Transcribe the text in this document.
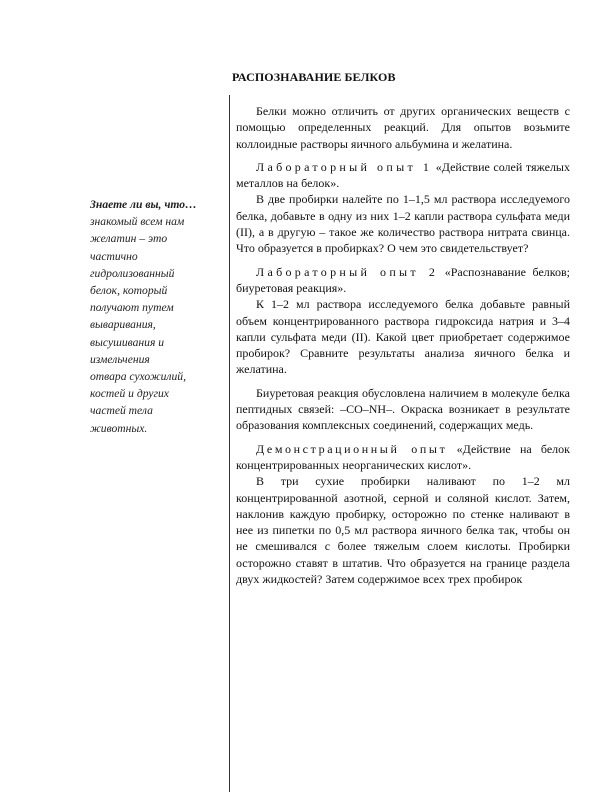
РАСПОЗНАВАНИЕ БЕЛКОВ
Знаете ли вы, что…
знакомый всем нам
желатин – это
частично
гидролизованный
белок, который
получают путем
вываривания,
высушивания и
измельчения
отвара сухожилий,
костей и других
частей тела
животных.

Белки можно отличить от других органических веществ с помощью определенных реакций. Для опытов возьмите коллоидные растворы яичного альбумина и желатина.

Лабораторный опыт 1 «Действие солей тяжелых металлов на белок».

В две пробирки налейте по 1–1,5 мл раствора исследуемого белка, добавьте в одну из них 1–2 капли раствора сульфата меди (II), а в другую – такое же количество раствора нитрата свинца. Что образуется в пробирках? О чем это свидетельствует?

Лабораторный опыт 2 «Распознавание белков; биуретовая реакция».

К 1–2 мл раствора исследуемого белка добавьте равный объем концентрированного раствора гидроксида натрия и 3–4 капли сульфата меди (II). Какой цвет приобретает содержимое пробирок? Сравните результаты анализа яичного белка и желатина.

Биуретовая реакция обусловлена наличием в молекуле белка пептидных связей: –CO–NH–. Окраска возникает в результате образования комплексных соединений, содержащих медь.

Демонстрационный опыт «Действие на белок концентрированных неорганических кислот».

В три сухие пробирки наливают по 1–2 мл концентрированной азотной, серной и соляной кислот. Затем, наклонив каждую пробирку, осторожно по стенке наливают в нее из пипетки по 0,5 мл раствора яичного белка так, чтобы он не смешивался с более тяжелым слоем кислоты. Пробирки осторожно ставят в штатив. Что образуется на границе раздела двух жидкостей? Затем содержимое всех трех пробирок
